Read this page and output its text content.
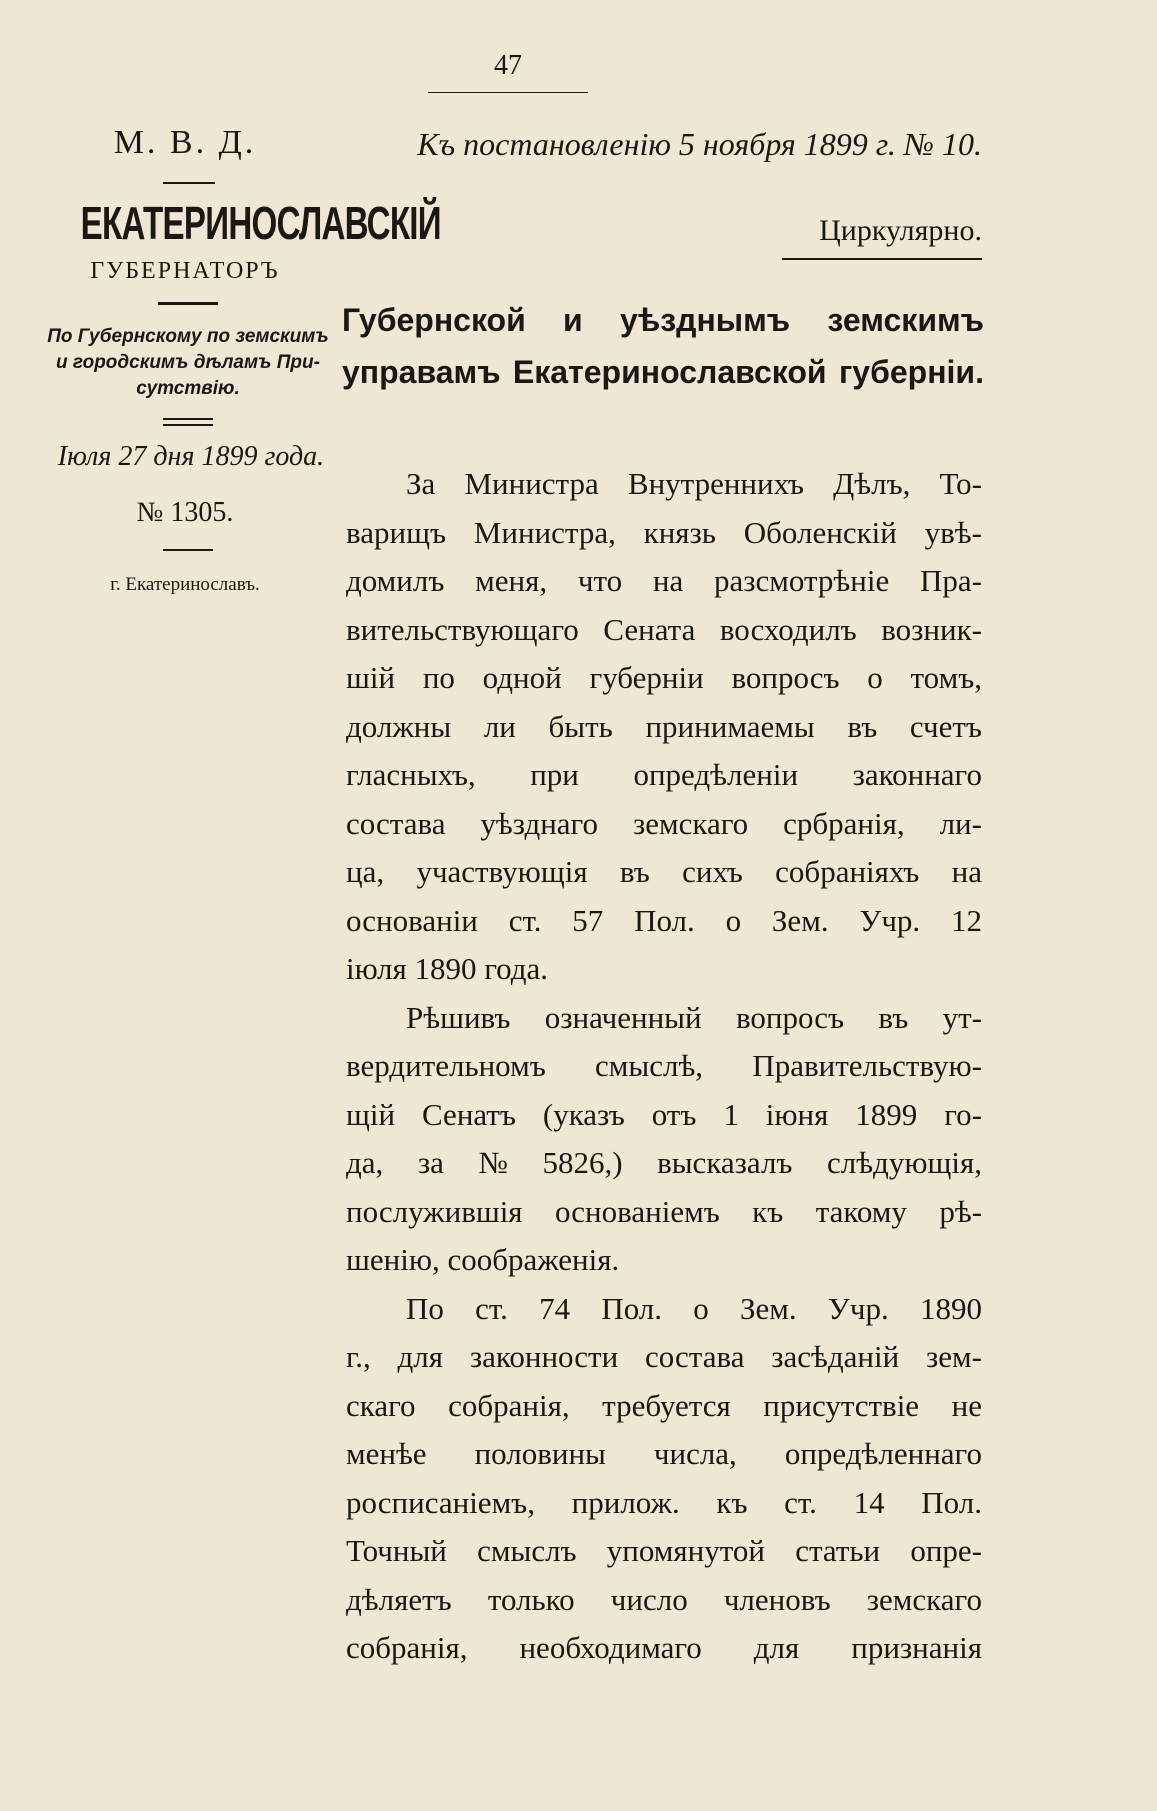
47
М. В. Д.
ЕКАТЕРИНОСЛАВСКІЙ
ГУБЕРНАТОРЪ
По Губернскому по земскимъ
и городскимъ дѣламъ При-
сутствію.
Іюля 27 дня 1899 года.
№ 1305.
г. Екатеринославъ.
Къ постановленію 5 ноября 1899 г. № 10.
Циркулярно.
Губернской и уѣзднымъ земскимъ
управамъ Екатеринославской губерніи.
За Министра Внутреннихъ Дѣлъ, То-
варищъ Министра, князь Оболенскій увѣ-
домилъ меня, что на разсмотрѣніе Пра-
вительствующаго Сената восходилъ возник-
шій по одной губерніи вопросъ о томъ,
должны ли быть принимаемы въ счетъ
гласныхъ, при опредѣленіи законнаго
состава уѣзднаго земскаго србранія, ли-
ца, участвующія въ сихъ собраніяхъ на
основаніи ст. 57 Пол. о Зем. Учр. 12
іюля 1890 года.
Рѣшивъ означенный вопросъ въ ут-
вердительномъ смыслѣ, Правительствую-
щій Сенатъ (указъ отъ 1 іюня 1899 го-
да, за № 5826,) высказалъ слѣдующія,
послужившія основаніемъ къ такому рѣ-
шенію, соображенія.
По ст. 74 Пол. о Зем. Учр. 1890
г., для законности состава засѣданій зем-
скаго собранія, требуется присутствіе не
менѣе половины числа, опредѣленнаго
росписаніемъ, прилож. къ ст. 14 Пол.
Точный смыслъ упомянутой статьи опре-
дѣляетъ только число членовъ земскаго
собранія, необходимаго для признанія
